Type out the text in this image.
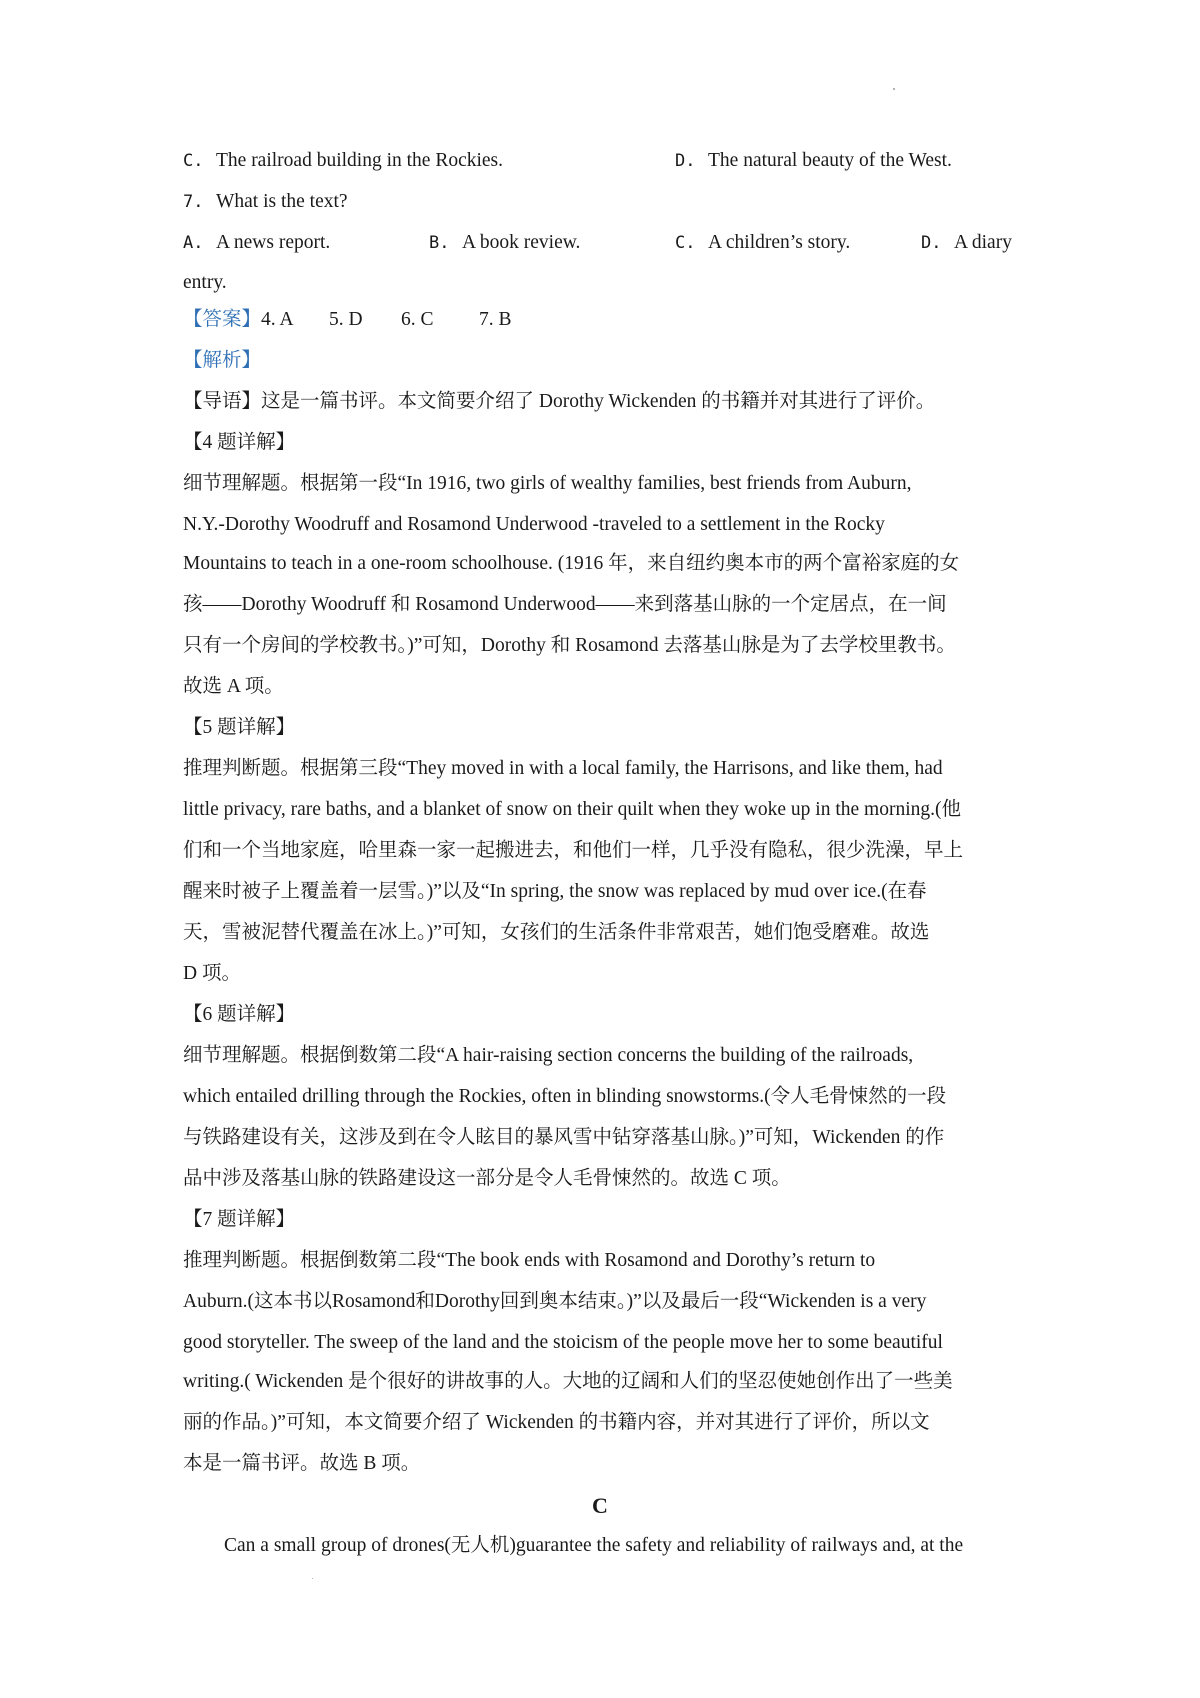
C. The railroad building in the Rockies.	D. The natural beauty of the West.
7. What is the text?
A. A news report.	B. A book review.	C. A children’s story.	D. A diary
entry.
【答案】4. A 5. D 6. C 7. B
【解析】
【导语】这是一篇书评。本文简要介绍了 Dorothy Wickenden 的书籍并对其进行了评价。
【4 题详解】
细节理解题。根据第一段“In 1916, two girls of wealthy families, best friends from Auburn,
N.Y.-Dorothy Woodruff and Rosamond Underwood -traveled to a settlement in the Rocky
Mountains to teach in a one-room schoolhouse. (1916 年，来自纽约奥本市的两个富裕家庭的女
孩——Dorothy Woodruff 和 Rosamond Underwood——来到落基山脉的一个定居点，在一间
只有一个房间的学校教书。)”可知，Dorothy 和 Rosamond 去落基山脉是为了去学校里教书。
故选 A 项。
【5 题详解】
推理判断题。根据第三段“They moved in with a local family, the Harrisons, and like them, had
little privacy, rare baths, and a blanket of snow on their quilt when they woke up in the morning.(他
们和一个当地家庭，哈里森一家一起搬进去，和他们一样，几乎没有隐私，很少洗澡，早上
醒来时被子上覆盖着一层雪。)”以及“In spring, the snow was replaced by mud over ice.(在春
天，雪被泥替代覆盖在冰上。)”可知，女孩们的生活条件非常艰苦，她们饱受磨难。故选
D 项。
【6 题详解】
细节理解题。根据倒数第二段“A hair-raising section concerns the building of the railroads,
which entailed drilling through the Rockies, often in blinding snowstorms.(令人毛骨悚然的一段
与铁路建设有关，这涉及到在令人眩目的暴风雪中钻穿落基山脉。)”可知，Wickenden 的作
品中涉及落基山脉的铁路建设这一部分是令人毛骨悚然的。故选 C 项。
【7 题详解】
推理判断题。根据倒数第二段“The book ends with Rosamond and Dorothy’s return to
Auburn.(这本书以Rosamond和Dorothy回到奥本结束。)”以及最后一段“Wickenden is a very
good storyteller. The sweep of the land and the stoicism of the people move her to some beautiful
writing.( Wickenden 是个很好的讲故事的人。大地的辽阔和人们的坚忍使她创作出了一些美
丽的作品。)”可知，本文简要介绍了 Wickenden 的书籍内容，并对其进行了评价，所以文
本是一篇书评。故选 B 项。
C
Can a small group of drones(无人机)guarantee the safety and reliability of railways and, at the
